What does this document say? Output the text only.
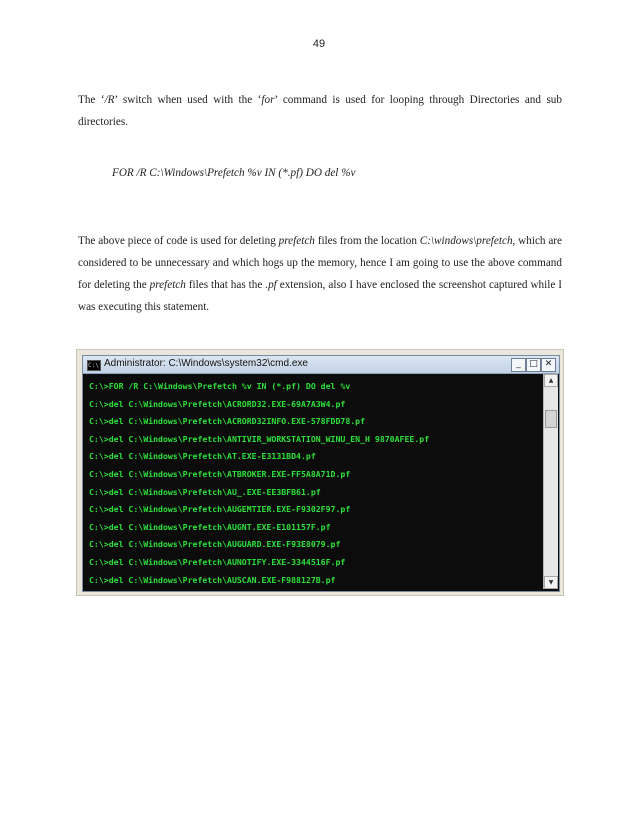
49

The ‘/R’ switch when used with the ‘for’ command is used for looping through Directories and sub directories.

FOR /R C:\Windows\Prefetch %v IN (*.pf) DO del %v

The above piece of code is used for deleting prefetch files from the location C:\windows\prefetch, which are considered to be unnecessary and which hogs up the memory, hence I am going to use the above command for deleting the prefetch files that has the .pf extension, also I have enclosed the screenshot captured while I was executing this statement.

C:\ Administrator: C:\Windows\system32\cmd.exe	_ □ ✕
C:\>FOR /R C:\Windows\Prefetch %v IN (*.pf) DO del %v
C:\>del C:\Windows\Prefetch\ACRORD32.EXE-69A7A3W4.pf
C:\>del C:\Windows\Prefetch\ACRORD32INFO.EXE-578FDD78.pf
C:\>del C:\Windows\Prefetch\ANTIVIR_WORKSTATION_WINU_EN_H 9870AFEE.pf
C:\>del C:\Windows\Prefetch\AT.EXE-E3131BD4.pf
C:\>del C:\Windows\Prefetch\ATBROKER.EXE-FF5A8A71D.pf
C:\>del C:\Windows\Prefetch\AU_.EXE-EE3BFB61.pf
C:\>del C:\Windows\Prefetch\AUGEMTIER.EXE-F9302F97.pf
C:\>del C:\Windows\Prefetch\AUGNT.EXE-E101157F.pf
C:\>del C:\Windows\Prefetch\AUGUARD.EXE-F93E8079.pf
C:\>del C:\Windows\Prefetch\AUNOTIFY.EXE-3344516F.pf
C:\>del C:\Windows\Prefetch\AUSCAN.EXE-F988127B.pf
▲
▼
